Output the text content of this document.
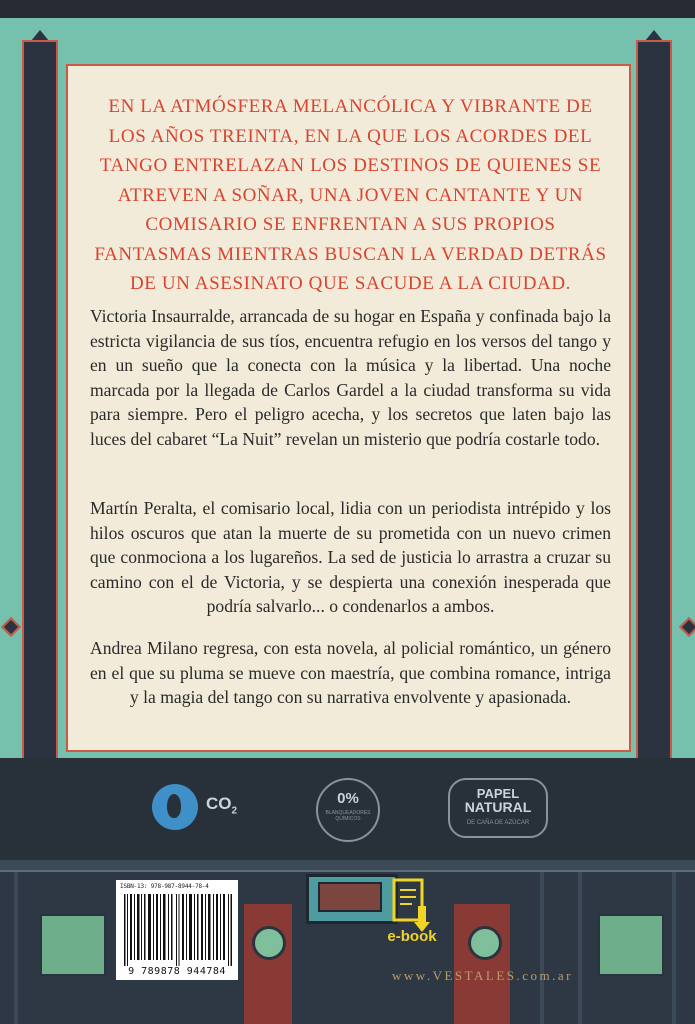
EN LA ATMÓSFERA MELANCÓLICA Y VIBRANTE DE LOS AÑOS TREINTA, EN LA QUE LOS ACORDES DEL TANGO ENTRELAZAN LOS DESTINOS DE QUIENES SE ATREVEN A SOÑAR, UNA JOVEN CANTANTE Y UN COMISARIO SE ENFRENTAN A SUS PROPIOS FANTASMAS MIENTRAS BUSCAN LA VERDAD DETRÁS DE UN ASESINATO QUE SACUDE A LA CIUDAD.
Victoria Insaurralde, arrancada de su hogar en España y confinada bajo la estricta vigilancia de sus tíos, encuentra refugio en los versos del tango y en un sueño que la conecta con la música y la libertad. Una noche marcada por la llegada de Carlos Gardel a la ciudad transforma su vida para siempre. Pero el peligro acecha, y los secretos que laten bajo las luces del cabaret “La Nuit” revelan un misterio que podría costarle todo.
Martín Peralta, el comisario local, lidia con un periodista intrépido y los hilos oscuros que atan la muerte de su prometida con un nuevo crimen que conmociona a los lugareños. La sed de justicia lo arrastra a cruzar su camino con el de Victoria, y se despierta una conexión inesperada que podría salvarlo... o condenarlos a ambos.
Andrea Milano regresa, con esta novela, al policial romántico, un género en el que su pluma se mueve con maestría, que combina romance, intriga y la magia del tango con su narrativa envolvente y apasionada.
$CO_2$
0%
BLANQUEADORES QUÍMICOS
PAPEL
NATURAL
DE CAÑA DE AZÚCAR
ISBN-13: 978-987-8944-78-4
9 789878 944784
e-book
www.VESTALES.com.ar
